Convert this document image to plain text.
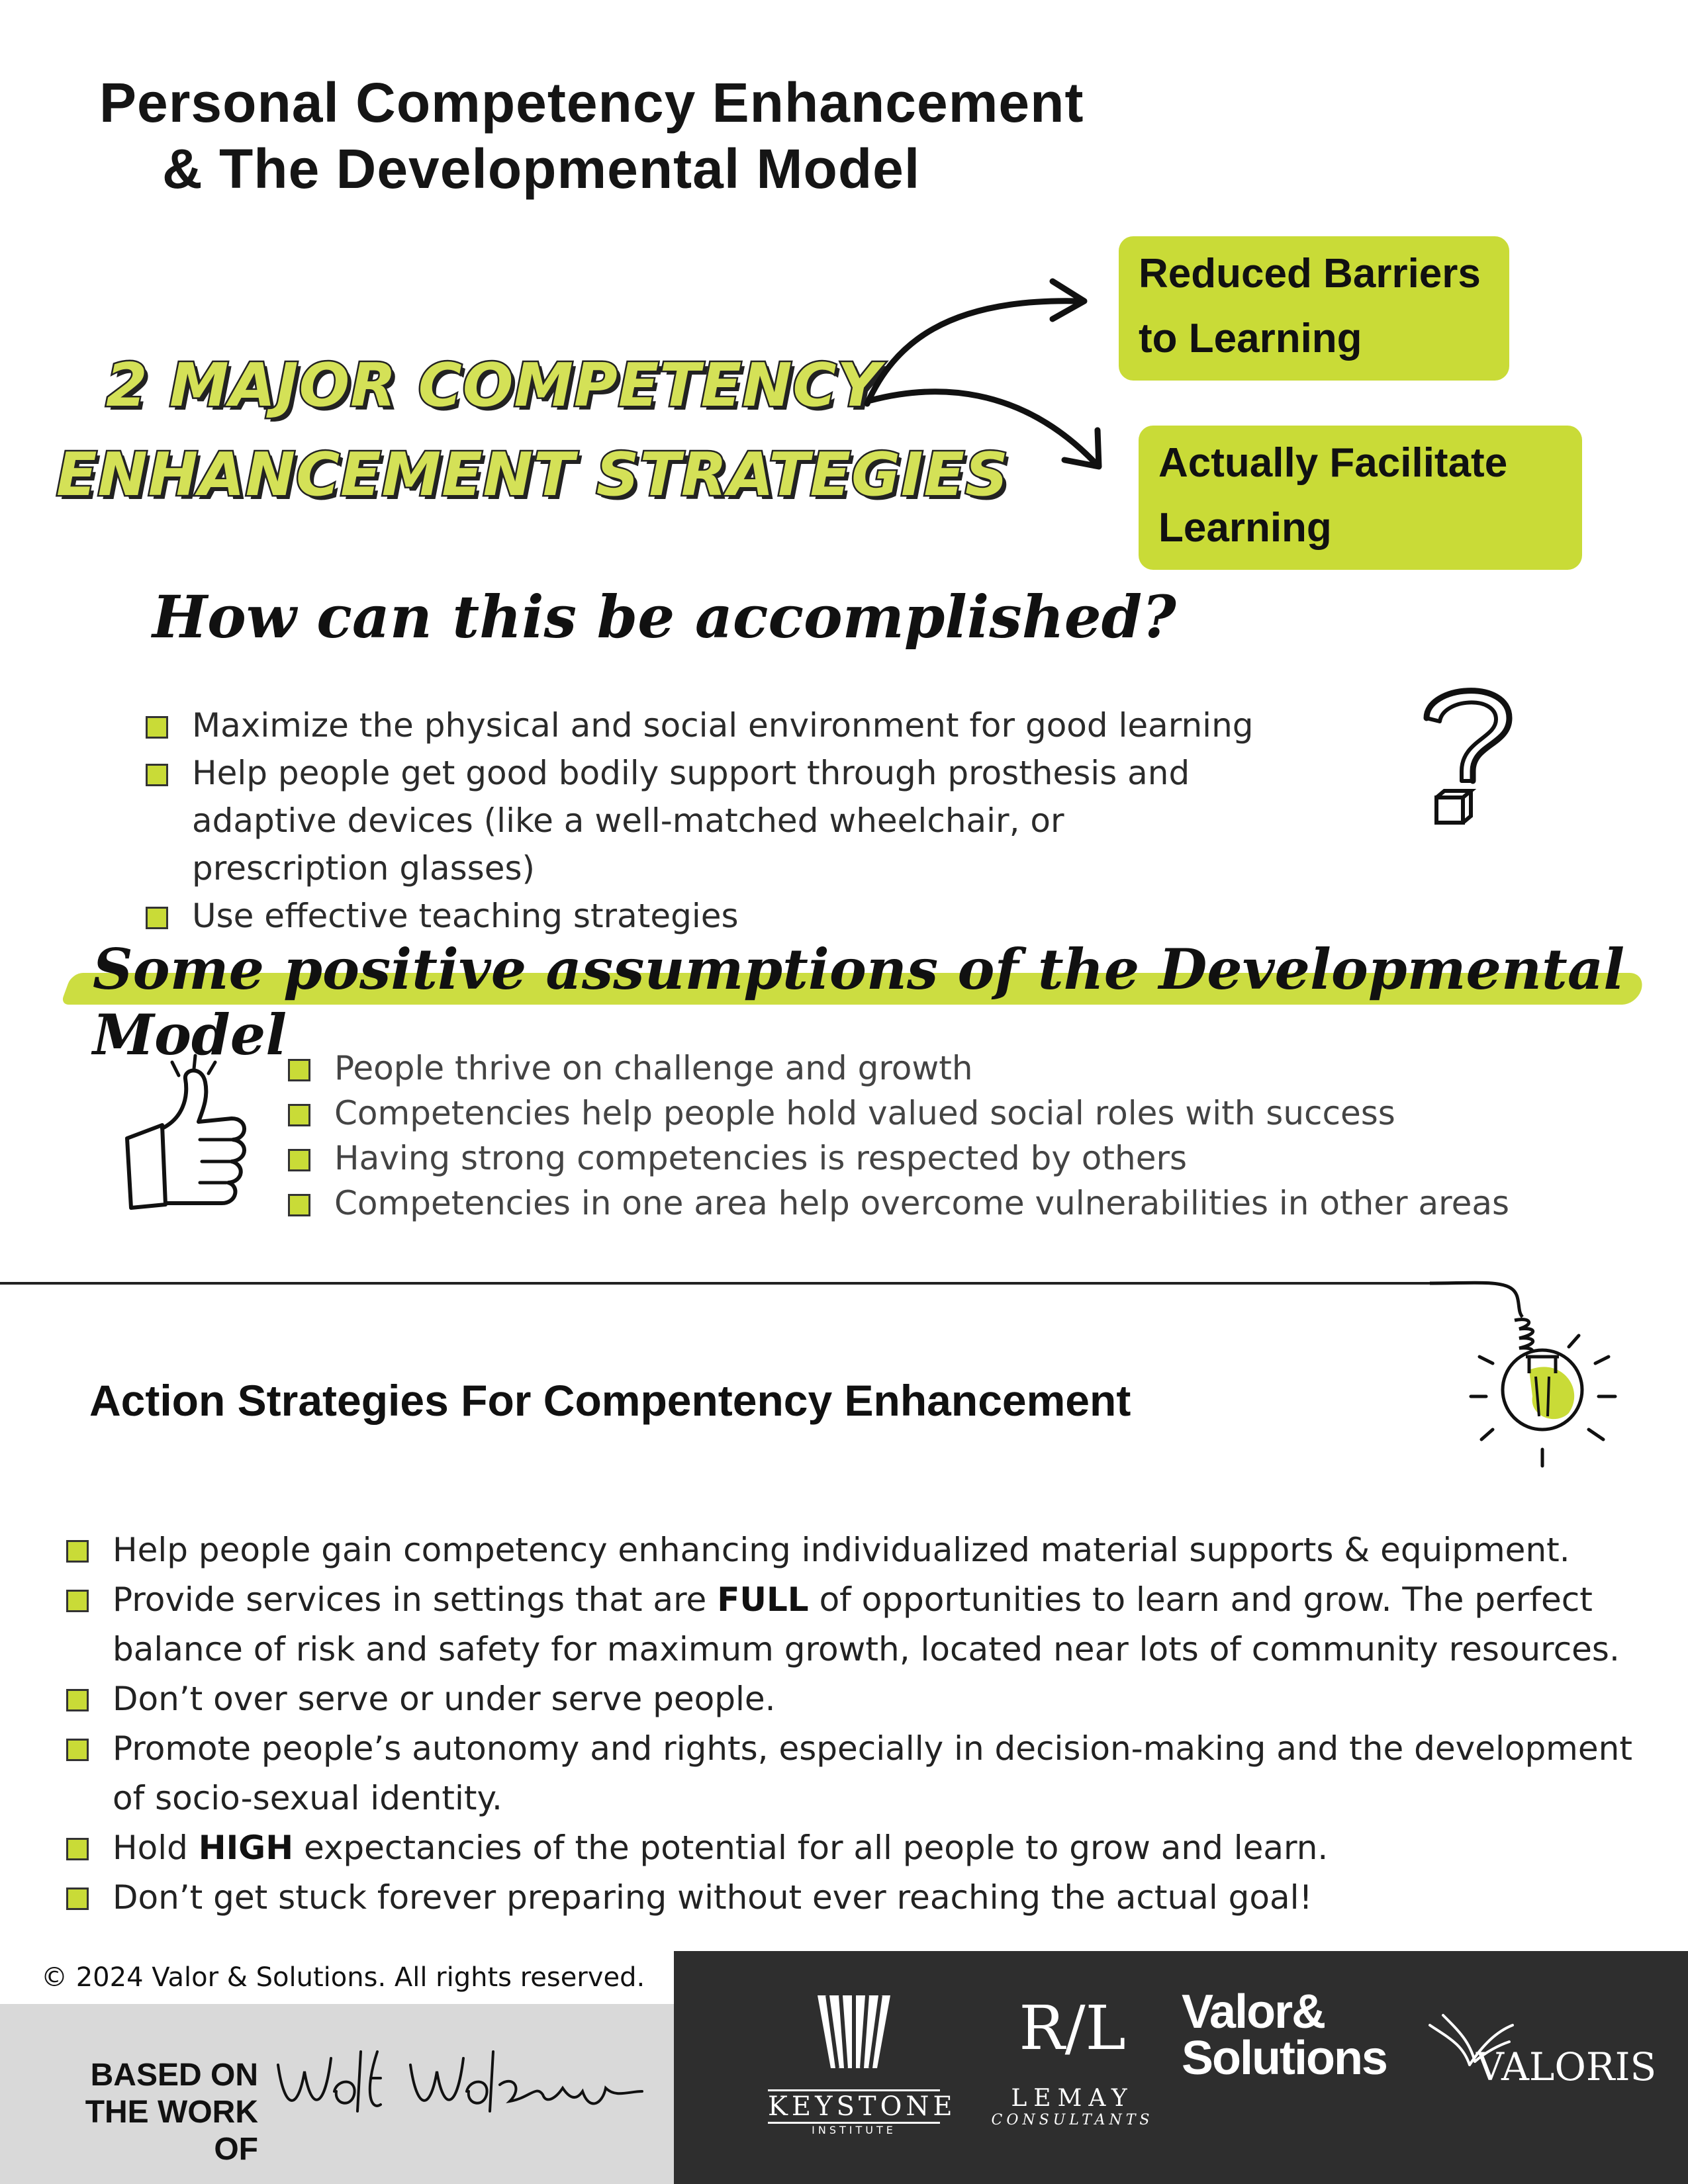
Personal Competency Enhancement
& The Developmental Model
2 MAJOR COMPETENCY
ENHANCEMENT STRATEGIES
Reduced Barriers
to Learning
Actually Facilitate
Learning
How can this be accomplished?
Maximize the physical and social environment for good learning
Help people get good bodily support through prosthesis and adaptive devices (like a well-matched wheelchair, or prescription glasses)
Use effective teaching strategies
Some positive assumptions of the Developmental Model
People thrive on challenge and growth
Competencies help people hold valued social roles with success
Having strong competencies is respected by others
Competencies in one area help overcome vulnerabilities in other areas
Action Strategies For Compentency Enhancement
Help people gain competency enhancing individualized material supports & equipment.
Provide services in settings that are FULL of opportunities to learn and grow. The perfect balance of risk and safety for maximum growth, located near lots of community resources.
Don’t over serve or under serve people.
Promote people’s autonomy and rights, especially in decision-making and the development of socio-sexual identity.
Hold HIGH expectancies of the potential for all people to grow and learn.
Don’t get stuck forever preparing without ever reaching the actual goal!
© 2024 Valor & Solutions. All rights reserved.
BASED ON
THE WORK OF
KEYSTONE
INSTITUTE
R/L
LEMAY
CONSULTANTS
Valor&
Solutions	VALORIS
